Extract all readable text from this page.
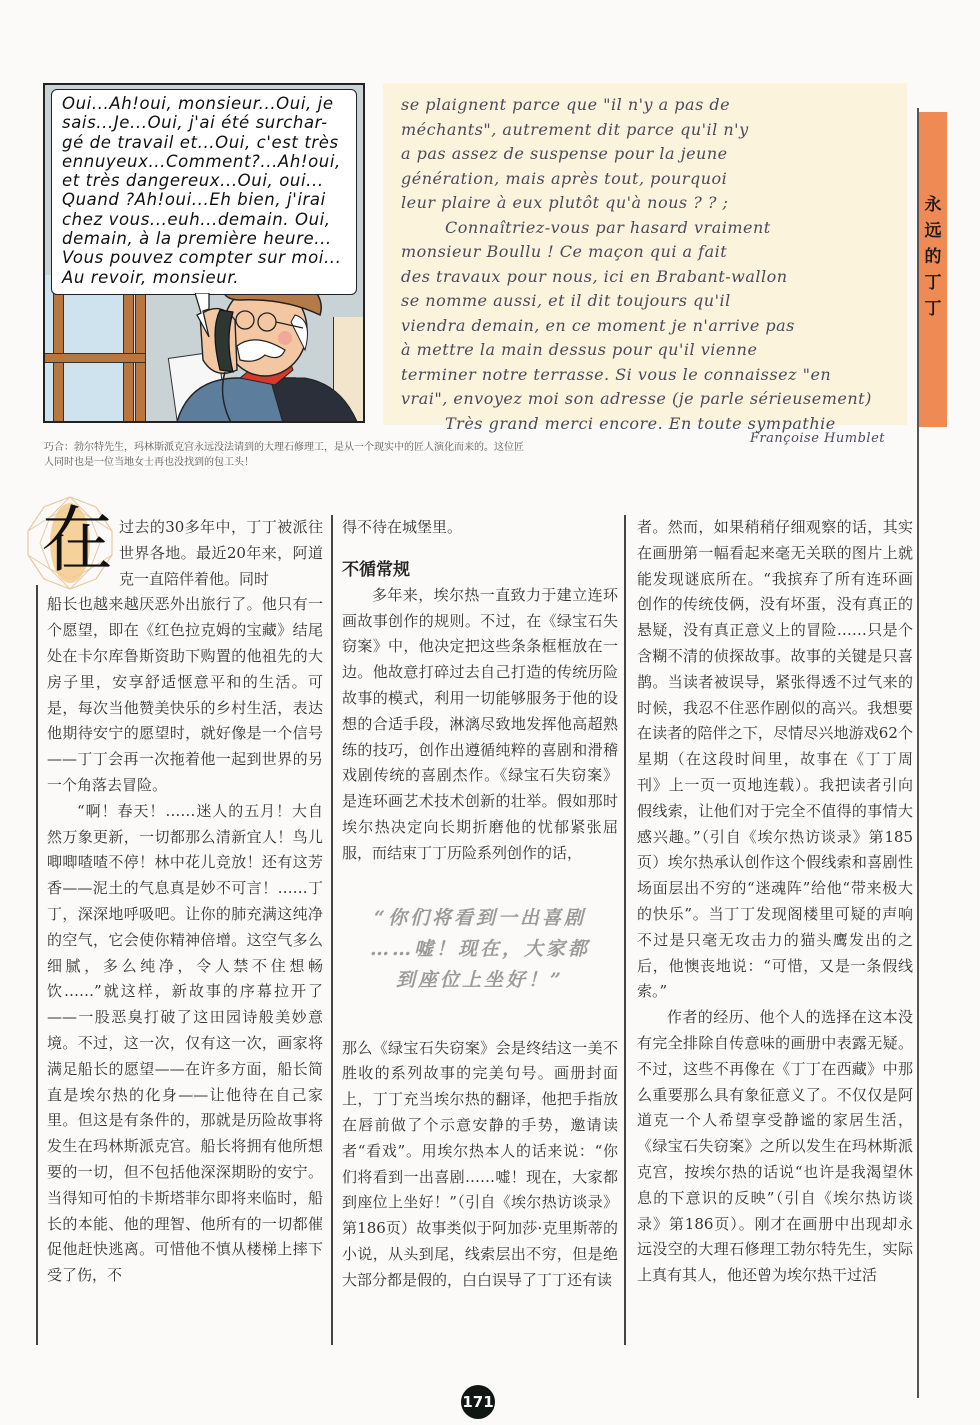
Oui...Ah!oui, monsieur...Oui, je
sais...Je...Oui, j'ai été surchar-
gé de travail et...Oui, c'est très
ennuyeux...Comment?...Ah!oui,
et très dangereux...Oui, oui...
Quand ?Ah!oui...Eh bien, j'irai
chez vous...euh...demain. Oui,
demain, à la première heure...
Vous pouvez compter sur moi...
Au revoir, monsieur.
se plaignent parce que "il n'y a pas de
méchants", autrement dit parce qu'il n'y
a pas assez de suspense pour la jeune
génération, mais après tout, pourquoi
leur plaire à eux plutôt qu'à nous ? ? ;
Connaîtriez-vous par hasard vraiment
monsieur Boullu ! Ce maçon qui a fait
des travaux pour nous, ici en Brabant-wallon
se nomme aussi, et il dit toujours qu'il
viendra demain, en ce moment je n'arrive pas
à mettre la main dessus pour qu'il vienne
terminer notre terrasse. Si vous le connaissez "en
vrai", envoyez moi son adresse (je parle sérieusement)
Très grand merci encore. En toute sympathie
Françoise Humblet
永
远
的
丁
丁
巧合：勃尔特先生，玛林斯派克宫永远没法请到的大理石修理工，是从一个现实中的匠人演化而来的。这位匠人同时也是一位当地女士再也没找到的包工头！
在 过去的30多年中，丁丁被派往世界各地。最近20年来，阿道克一直陪伴着他。同时

船长也越来越厌恶外出旅行了。他只有一个愿望，即在《红色拉克姆的宝藏》结尾处在卡尔库鲁斯资助下购置的他祖先的大房子里，安享舒适惬意平和的生活。可是，每次当他赞美快乐的乡村生活，表达他期待安宁的愿望时，就好像是一个信号——丁丁会再一次拖着他一起到世界的另一个角落去冒险。

“啊！春天！……迷人的五月！大自然万象更新，一切都那么清新宜人！鸟儿唧唧喳喳不停！林中花儿竞放！还有这芳香——泥土的气息真是妙不可言！……丁丁，深深地呼吸吧。让你的肺充满这纯净的空气，它会使你精神倍增。这空气多么细腻，多么纯净，令人禁不住想畅饮……”就这样，新故事的序幕拉开了——一股恶臭打破了这田园诗般美妙意境。不过，这一次，仅有这一次，画家将满足船长的愿望——在许多方面，船长简直是埃尔热的化身——让他待在自己家里。但这是有条件的，那就是历险故事将发生在玛林斯派克宫。船长将拥有他所想要的一切，但不包括他深深期盼的安宁。当得知可怕的卡斯塔菲尔即将来临时，船长的本能、他的理智、他所有的一切都催促他赶快逃离。可惜他不慎从楼梯上摔下受了伤，不

得不待在城堡里。

不循常规

多年来，埃尔热一直致力于建立连环画故事创作的规则。不过，在《绿宝石失窃案》中，他决定把这些条条框框放在一边。他故意打碎过去自己打造的传统历险故事的模式，利用一切能够服务于他的设想的合适手段，淋漓尽致地发挥他高超熟练的技巧，创作出遵循纯粹的喜剧和滑稽戏剧传统的喜剧杰作。《绿宝石失窃案》是连环画艺术技术创新的壮举。假如那时埃尔热决定向长期折磨他的忧郁紧张屈服，而结束丁丁历险系列创作的话，

“你们将看到一出喜剧
……嘘！现在，大家都
到座位上坐好！”

那么《绿宝石失窃案》会是终结这一美不胜收的系列故事的完美句号。画册封面上，丁丁充当埃尔热的翻译，他把手指放在唇前做了个示意安静的手势，邀请读者“看戏”。用埃尔热本人的话来说：“你们将看到一出喜剧……嘘！现在，大家都到座位上坐好！”（引自《埃尔热访谈录》第186页）故事类似于阿加莎·克里斯蒂的小说，从头到尾，线索层出不穷，但是绝大部分都是假的，白白误导了丁丁还有读

者。然而，如果稍稍仔细观察的话，其实在画册第一幅看起来毫无关联的图片上就能发现谜底所在。“我摈弃了所有连环画创作的传统伎俩，没有坏蛋，没有真正的悬疑，没有真正意义上的冒险……只是个含糊不清的侦探故事。故事的关键是只喜鹊。当读者被误导，紧张得透不过气来的时候，我忍不住恶作剧似的高兴。我想要在读者的陪伴之下，尽情尽兴地游戏62个星期（在这段时间里，故事在《丁丁周刊》上一页一页地连载）。我把读者引向假线索，让他们对于完全不值得的事情大感兴趣。”（引自《埃尔热访谈录》第185页）埃尔热承认创作这个假线索和喜剧性场面层出不穷的“迷魂阵”给他“带来极大的快乐”。当丁丁发现阁楼里可疑的声响不过是只毫无攻击力的猫头鹰发出的之后，他懊丧地说：“可惜，又是一条假线索。”

作者的经历、他个人的选择在这本没有完全排除自传意味的画册中表露无疑。不过，这些不再像在《丁丁在西藏》中那么重要那么具有象征意义了。不仅仅是阿道克一个人希望享受静谧的家居生活，《绿宝石失窃案》之所以发生在玛林斯派克宫，按埃尔热的话说“也许是我渴望休息的下意识的反映”（引自《埃尔热访谈录》第186页）。刚才在画册中出现却永远没空的大理石修理工勃尔特先生，实际上真有其人，他还曾为埃尔热干过活

171
